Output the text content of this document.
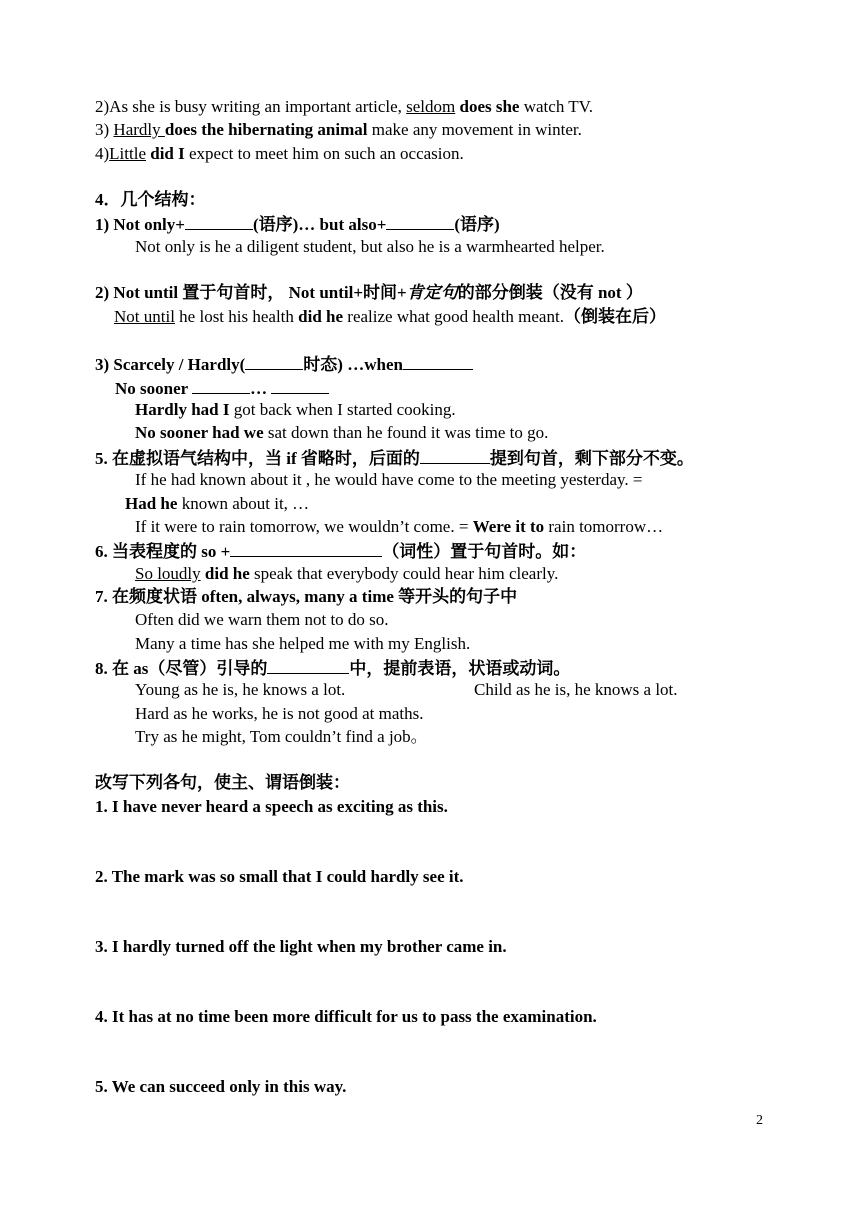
2)As she is busy writing an important article, seldom does she watch TV.
3) Hardly does the hibernating animal make any movement in winter.
4)Little did I expect to meet him on such an occasion.
4．几个结构：
1) Not only+	(语序)… but also+	(语序)
Not only is he a diligent student, but also he is a warmhearted helper.
2) Not until 置于句首时， Not until+时间+肯定句的部分倒装（没有 not ）
Not until he lost his health did he realize what good health meant.（倒装在后）
3) Scarcely / Hardly(	时态) …when
No sooner	…
Hardly had I got back when I started cooking.
No sooner had we sat down than he found it was time to go.
5. 在虚拟语气结构中，当 if 省略时，后面的	提到句首，剩下部分不变。
If he had known about it , he would have come to the meeting yesterday. =
Had he known about it, …
If it were to rain tomorrow, we wouldn’t come. = Were it to rain tomorrow…
6. 当表程度的 so +	（词性）置于句首时。如：
So loudly did he speak that everybody could hear him clearly.
7. 在频度状语 often, always, many a time 等开头的句子中
Often did we warn them not to do so.
Many a time has she helped me with my English.
8. 在 as（尽管）引导的	中，提前表语，状语或动词。
Young as he is, he knows a lot.	Child as he is, he knows a lot.
Hard as he works, he is not good at maths.
Try as he might, Tom couldn’t find a job。
改写下列各句，使主、谓语倒装：
1. I have never heard a speech as exciting as this.
2. The mark was so small that I could hardly see it.
3. I hardly turned off the light when my brother came in.
4. It has at no time been more difficult for us to pass the examination.
5. We can succeed only in this way.
2
